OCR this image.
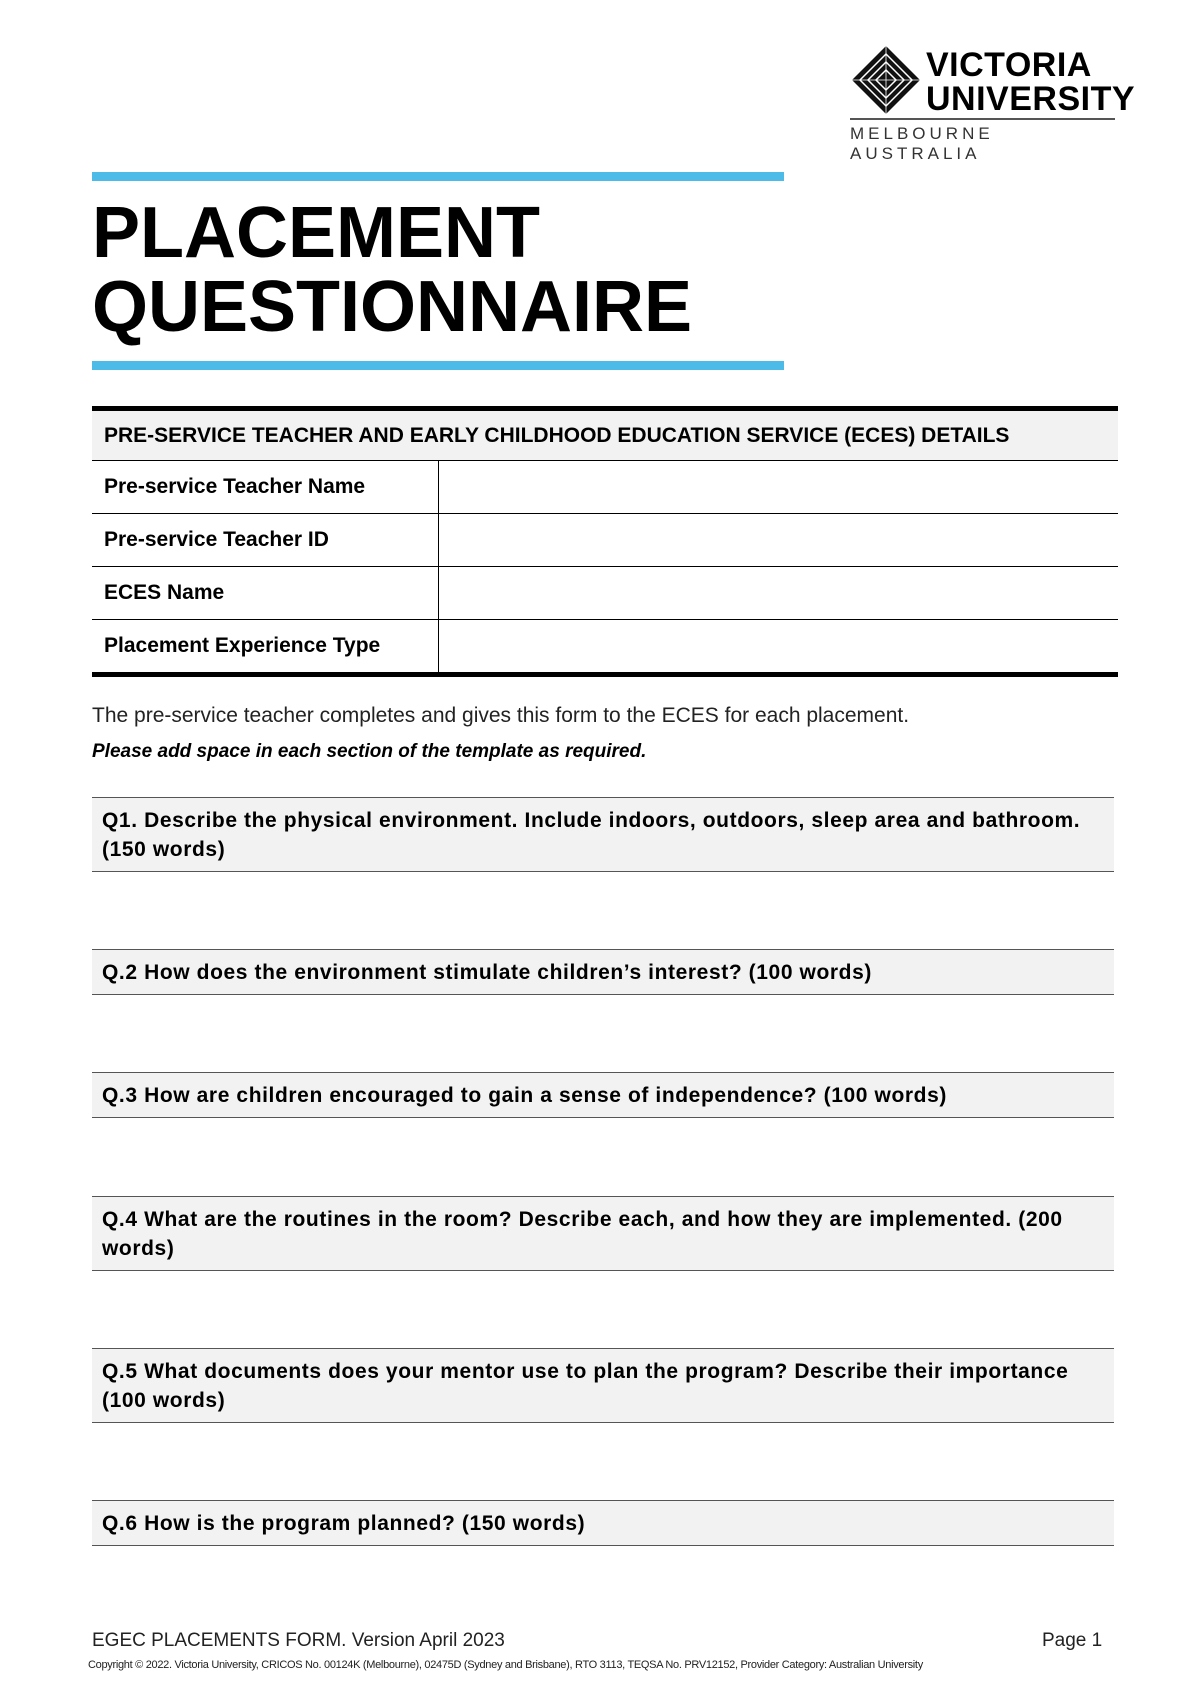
VICTORIA
UNIVERSITY
MELBOURNE AUSTRALIA
PLACEMENT
QUESTIONNAIRE
PRE-SERVICE TEACHER AND EARLY CHILDHOOD EDUCATION SERVICE (ECES) DETAILS	
Pre-service Teacher Name	
Pre-service Teacher ID	
ECES Name	
Placement Experience Type	
The pre-service teacher completes and gives this form to the ECES for each placement.
Please add space in each section of the template as required.
Q1. Describe the physical environment. Include indoors, outdoors, sleep area and bathroom. (150 words)
Q.2 How does the environment stimulate children’s interest? (100 words)
Q.3 How are children encouraged to gain a sense of independence? (100 words)
Q.4 What are the routines in the room? Describe each, and how they are implemented. (200 words)
Q.5 What documents does your mentor use to plan the program? Describe their importance (100 words)
Q.6 How is the program planned? (150 words)
EGEC PLACEMENTS FORM. Version April 2023	Page 1
Copyright © 2022. Victoria University, CRICOS No. 00124K (Melbourne), 02475D (Sydney and Brisbane), RTO 3113, TEQSA No. PRV12152, Provider Category: Australian University
